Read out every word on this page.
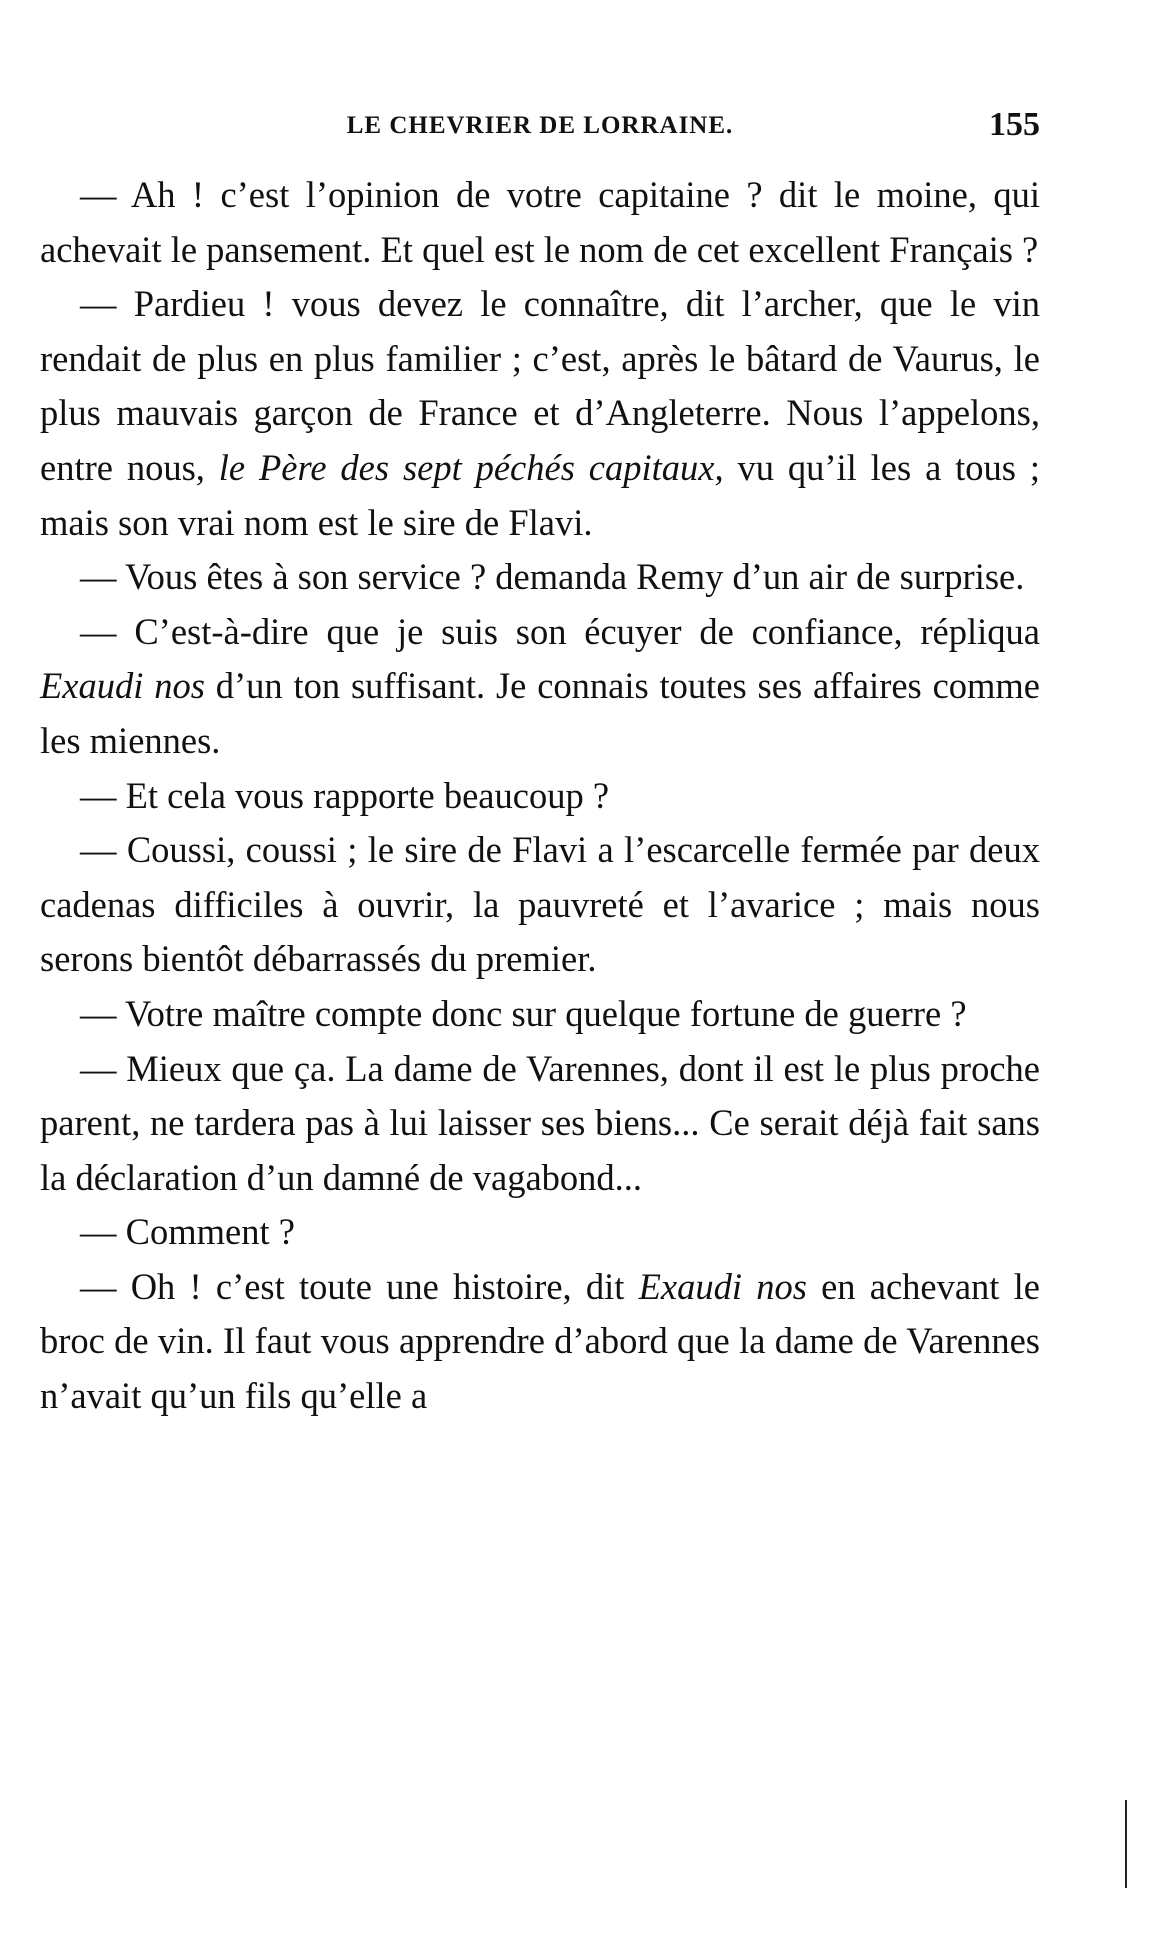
LE CHEVRIER DE LORRAINE.	155

— Ah ! c’est l’opinion de votre capitaine ? dit le moine, qui achevait le pansement. Et quel est le nom de cet excellent Français ?

— Pardieu ! vous devez le connaître, dit l’archer, que le vin rendait de plus en plus familier ; c’est, après le bâtard de Vaurus, le plus mauvais garçon de France et d’Angleterre. Nous l’appelons, entre nous, le Père des sept péchés capitaux, vu qu’il les a tous ; mais son vrai nom est le sire de Flavi.

— Vous êtes à son service ? demanda Remy d’un air de surprise.

— C’est-à-dire que je suis son écuyer de confiance, répliqua Exaudi nos d’un ton suffisant. Je connais toutes ses affaires comme les miennes.

— Et cela vous rapporte beaucoup ?

— Coussi, coussi ; le sire de Flavi a l’escarcelle fermée par deux cadenas difficiles à ouvrir, la pauvreté et l’avarice ; mais nous serons bientôt débarrassés du premier.

— Votre maître compte donc sur quelque fortune de guerre ?

— Mieux que ça. La dame de Varennes, dont il est le plus proche parent, ne tardera pas à lui laisser ses biens... Ce serait déjà fait sans la déclaration d’un damné de vagabond...

— Comment ?

— Oh ! c’est toute une histoire, dit Exaudi nos en achevant le broc de vin. Il faut vous apprendre d’abord que la dame de Varennes n’avait qu’un fils qu’elle a
